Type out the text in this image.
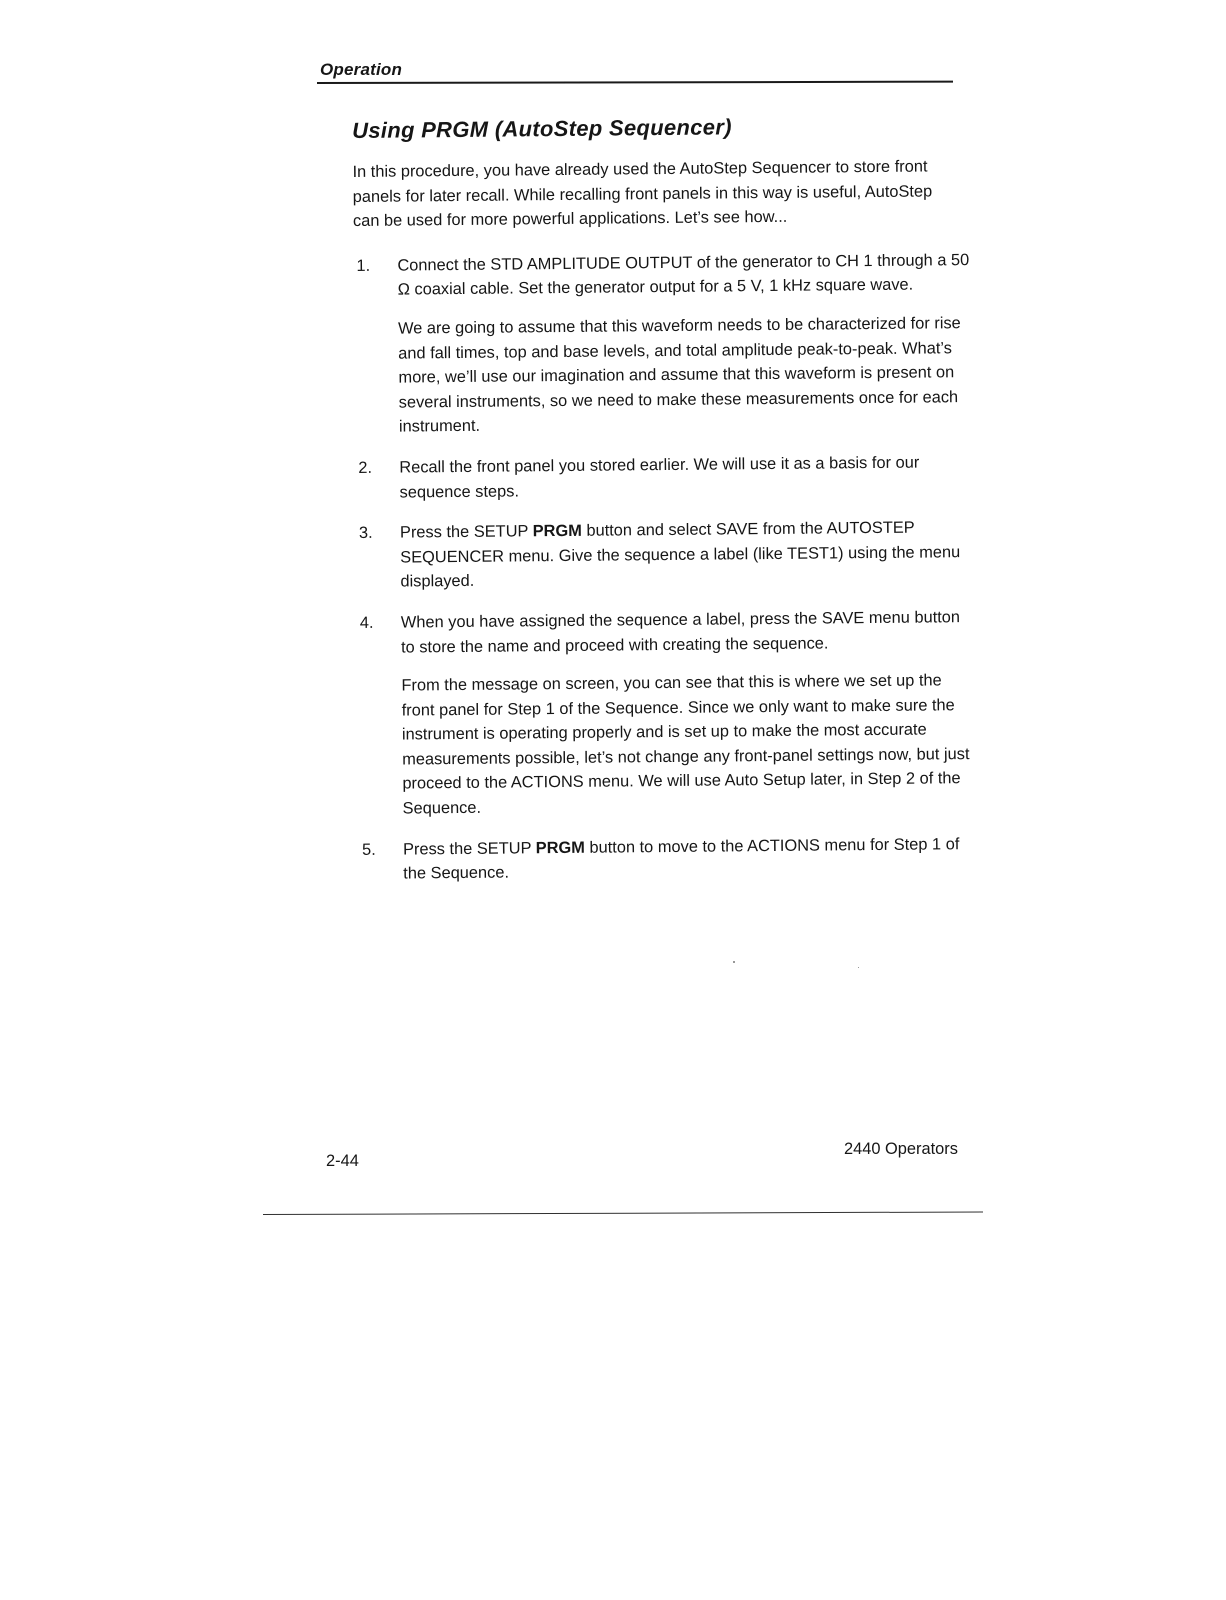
Operation
Using PRGM (AutoStep Sequencer)

In this procedure, you have already used the AutoStep Sequencer to store front panels for later recall. While recalling front panels in this way is useful, AutoStep can be used for more powerful applications. Let’s see how...

1. Connect the STD AMPLITUDE OUTPUT of the generator to CH 1 through a 50 Ω coaxial cable. Set the generator output for a 5 V, 1 kHz square wave.

We are going to assume that this waveform needs to be characterized for rise and fall times, top and base levels, and total amplitude peak-to-peak. What’s more, we’ll use our imagination and assume that this waveform is present on several instruments, so we need to make these measurements once for each instrument.

2. Recall the front panel you stored earlier. We will use it as a basis for our sequence steps.

3. Press the SETUP PRGM button and select SAVE from the AUTOSTEP SEQUENCER menu. Give the sequence a label (like TEST1) using the menu displayed.

4. When you have assigned the sequence a label, press the SAVE menu button to store the name and proceed with creating the sequence.

From the message on screen, you can see that this is where we set up the front panel for Step 1 of the Sequence. Since we only want to make sure the instrument is operating properly and is set up to make the most accurate measurements possible, let’s not change any front-panel settings now, but just proceed to the ACTIONS menu. We will use Auto Setup later, in Step 2 of the Sequence.

5. Press the SETUP PRGM button to move to the ACTIONS menu for Step 1 of the Sequence.

2-44
2440 Operators
